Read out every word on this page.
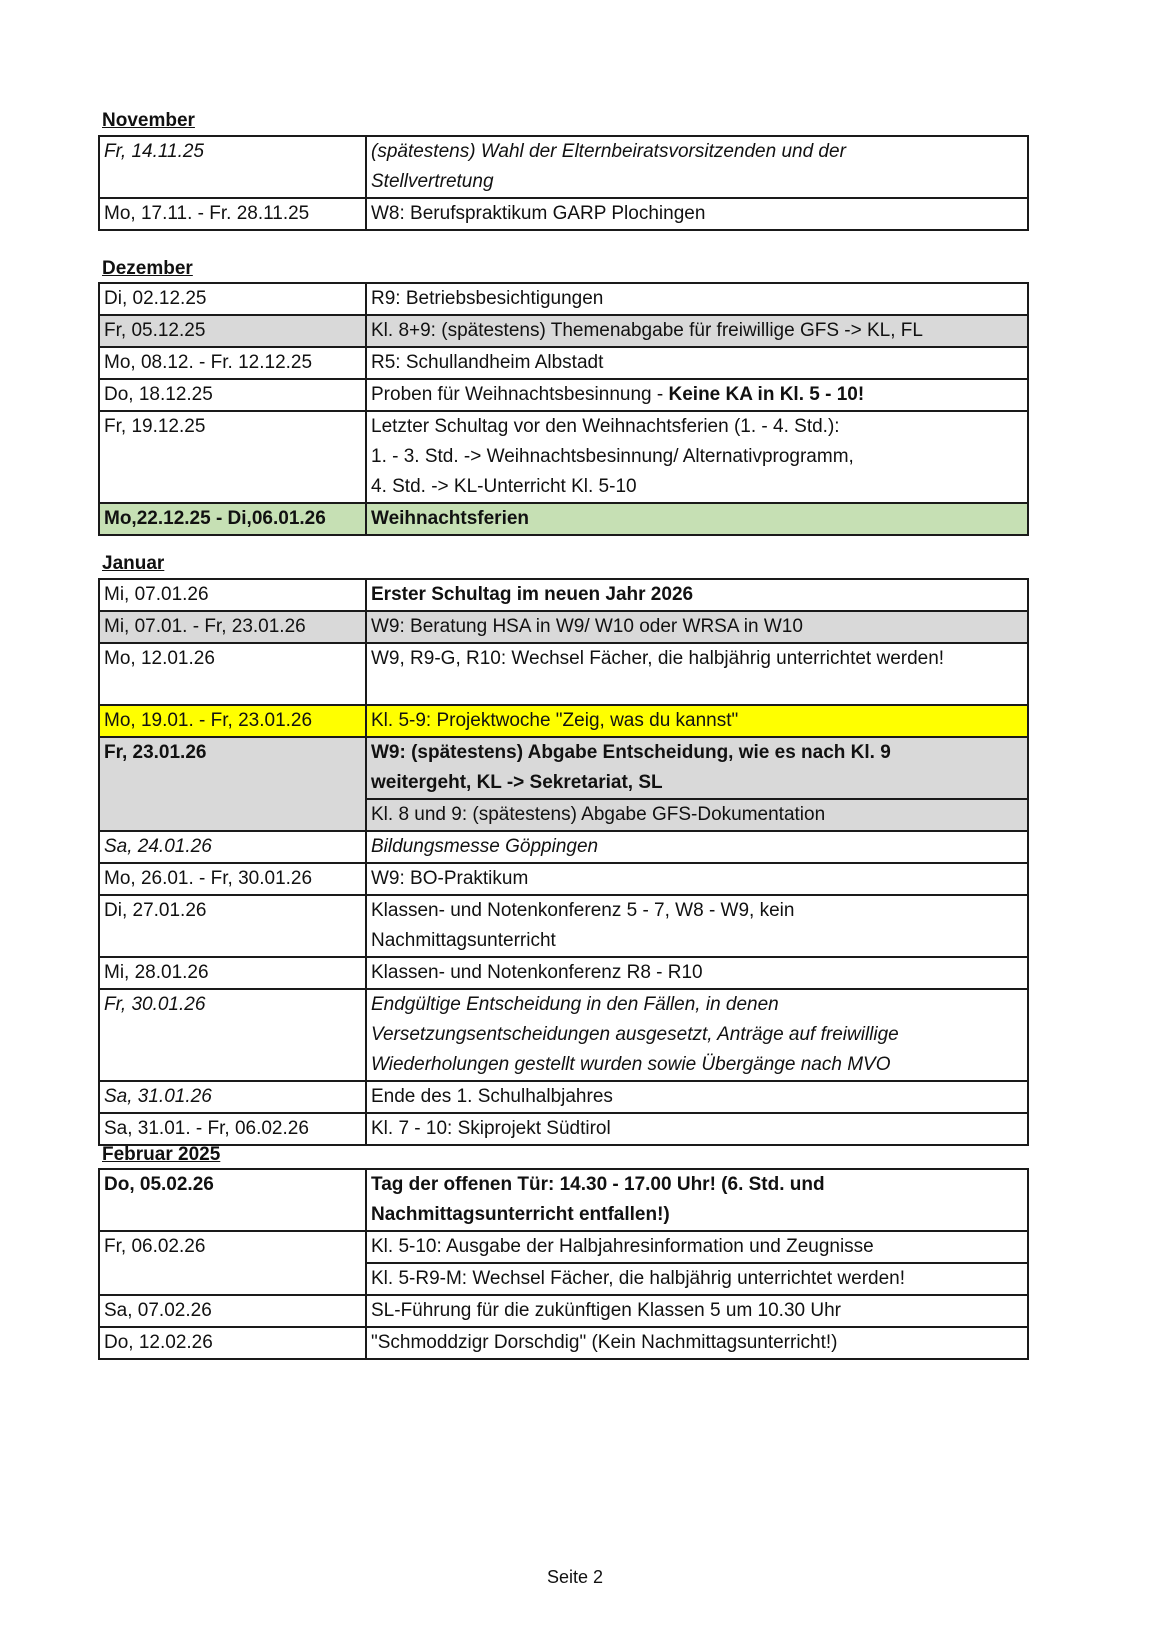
November
Fr, 14.11.25	(spätestens) Wahl der Elternbeiratsvorsitzenden und der
Stellvertretung

Mo, 17.11. - Fr. 28.11.25	W8: Berufspraktikum GARP Plochingen
Dezember
Di, 02.12.25	R9: Betriebsbesichtigungen
Fr, 05.12.25	Kl. 8+9: (spätestens) Themenabgabe für freiwillige GFS -> KL, FL
Mo, 08.12. - Fr. 12.12.25	R5: Schullandheim Albstadt
Do, 18.12.25	Proben für Weihnachtsbesinnung - Keine KA in Kl. 5 - 10!
Fr, 19.12.25	Letzter Schultag vor den Weihnachtsferien (1. - 4. Std.):
1. - 3. Std. -> Weihnachtsbesinnung/ Alternativprogramm,
4. Std. -> KL-Unterricht Kl. 5-10

Mo,22.12.25 - Di,06.01.26	Weihnachtsferien
Januar
Mi, 07.01.26	Erster Schultag im neuen Jahr 2026
Mi, 07.01. - Fr, 23.01.26	W9: Beratung HSA in W9/ W10 oder WRSA in W10
Mo, 12.01.26	W9, R9-G, R10: Wechsel Fächer, die halbjährig unterrichtet werden!

Mo, 19.01. - Fr, 23.01.26	Kl. 5-9: Projektwoche "Zeig, was du kannst"
Fr, 23.01.26	W9: (spätestens) Abgabe Entscheidung, wie es nach Kl. 9
weitergeht, KL -> Sekretariat, SL

	Kl. 8 und 9: (spätestens) Abgabe GFS-Dokumentation
Sa, 24.01.26	Bildungsmesse Göppingen
Mo, 26.01. - Fr, 30.01.26	W9: BO-Praktikum
Di, 27.01.26	Klassen- und Notenkonferenz 5 - 7, W8 - W9, kein
Nachmittagsunterricht

Mi, 28.01.26	Klassen- und Notenkonferenz R8 - R10
Fr, 30.01.26	Endgültige Entscheidung in den Fällen, in denen
Versetzungsentscheidungen ausgesetzt, Anträge auf freiwillige
Wiederholungen gestellt wurden sowie Übergänge nach MVO

Sa, 31.01.26	Ende des 1. Schulhalbjahres
Sa, 31.01. - Fr, 06.02.26	Kl. 7 - 10: Skiprojekt Südtirol
Februar 2025
Do, 05.02.26	Tag der offenen Tür: 14.30 - 17.00 Uhr! (6. Std. und
Nachmittagsunterricht entfallen!)

Fr, 06.02.26	Kl. 5-10: Ausgabe der Halbjahresinformation und Zeugnisse
	Kl. 5-R9-M: Wechsel Fächer, die halbjährig unterrichtet werden!
Sa, 07.02.26	SL-Führung für die zukünftigen Klassen 5 um 10.30 Uhr
Do, 12.02.26	"Schmoddzigr Dorschdig" (Kein Nachmittagsunterricht!)
Seite 2
